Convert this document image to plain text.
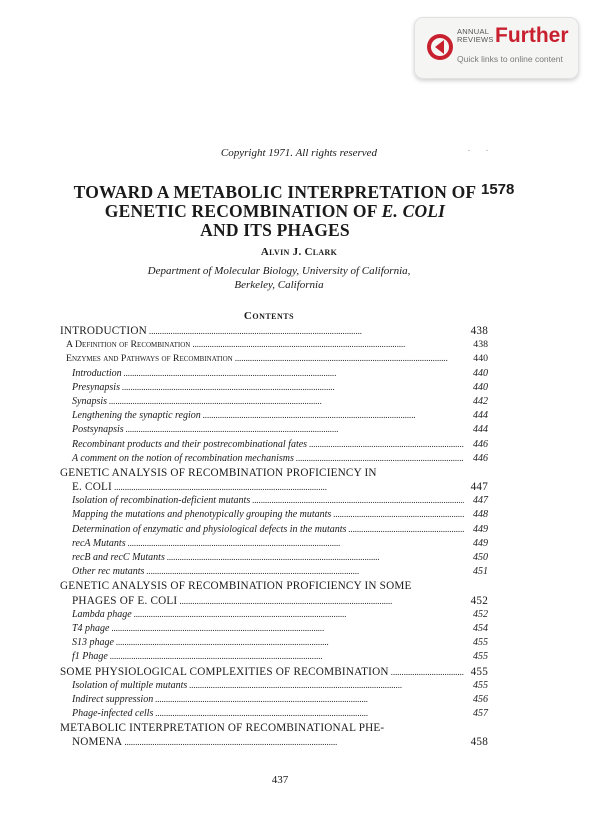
ANNUAL REVIEWS Further
Quick links to online content
Copyright 1971. All rights reserved
TOWARD A METABOLIC INTERPRETATION OF
GENETIC RECOMBINATION OF E. COLI
AND ITS PHAGES
1578
Alvin J. Clark
Department of Molecular Biology, University of California,
Berkeley, California
Contents
INTRODUCTION . . .	438
A Definition of Recombination . . .	438
Enzymes and Pathways of Recombination . . .	440
Introduction . . .	440
Presynapsis . . .	440
Synapsis . . .	442
Lengthening the synaptic region . . .	444
Postsynapsis . . .	444
Recombinant products and their postrecombinational fates . . .	446
A comment on the notion of recombination mechanisms . . .	446
GENETIC ANALYSIS OF RECOMBINATION PROFICIENCY IN
E. COLI . . .	447
Isolation of recombination-deficient mutants . . .	447
Mapping the mutations and phenotypically grouping the mutants . . .	448
Determination of enzymatic and physiological defects in the mutants . . .	449
recA Mutants . . .	449
recB and recC Mutants . . .	450
Other rec mutants . . .	451
GENETIC ANALYSIS OF RECOMBINATION PROFICIENCY IN SOME
PHAGES OF E. COLI . . .	452
Lambda phage . . .	452
T4 phage . . .	454
S13 phage . . .	455
f1 Phage . . .	455
SOME PHYSIOLOGICAL COMPLEXITIES OF RECOMBINATION . . .	455
Isolation of multiple mutants . . .	455
Indirect suppression . . .	456
Phage-infected cells . . .	457
METABOLIC INTERPRETATION OF RECOMBINATIONAL PHE-
NOMENA . . .	458
437
